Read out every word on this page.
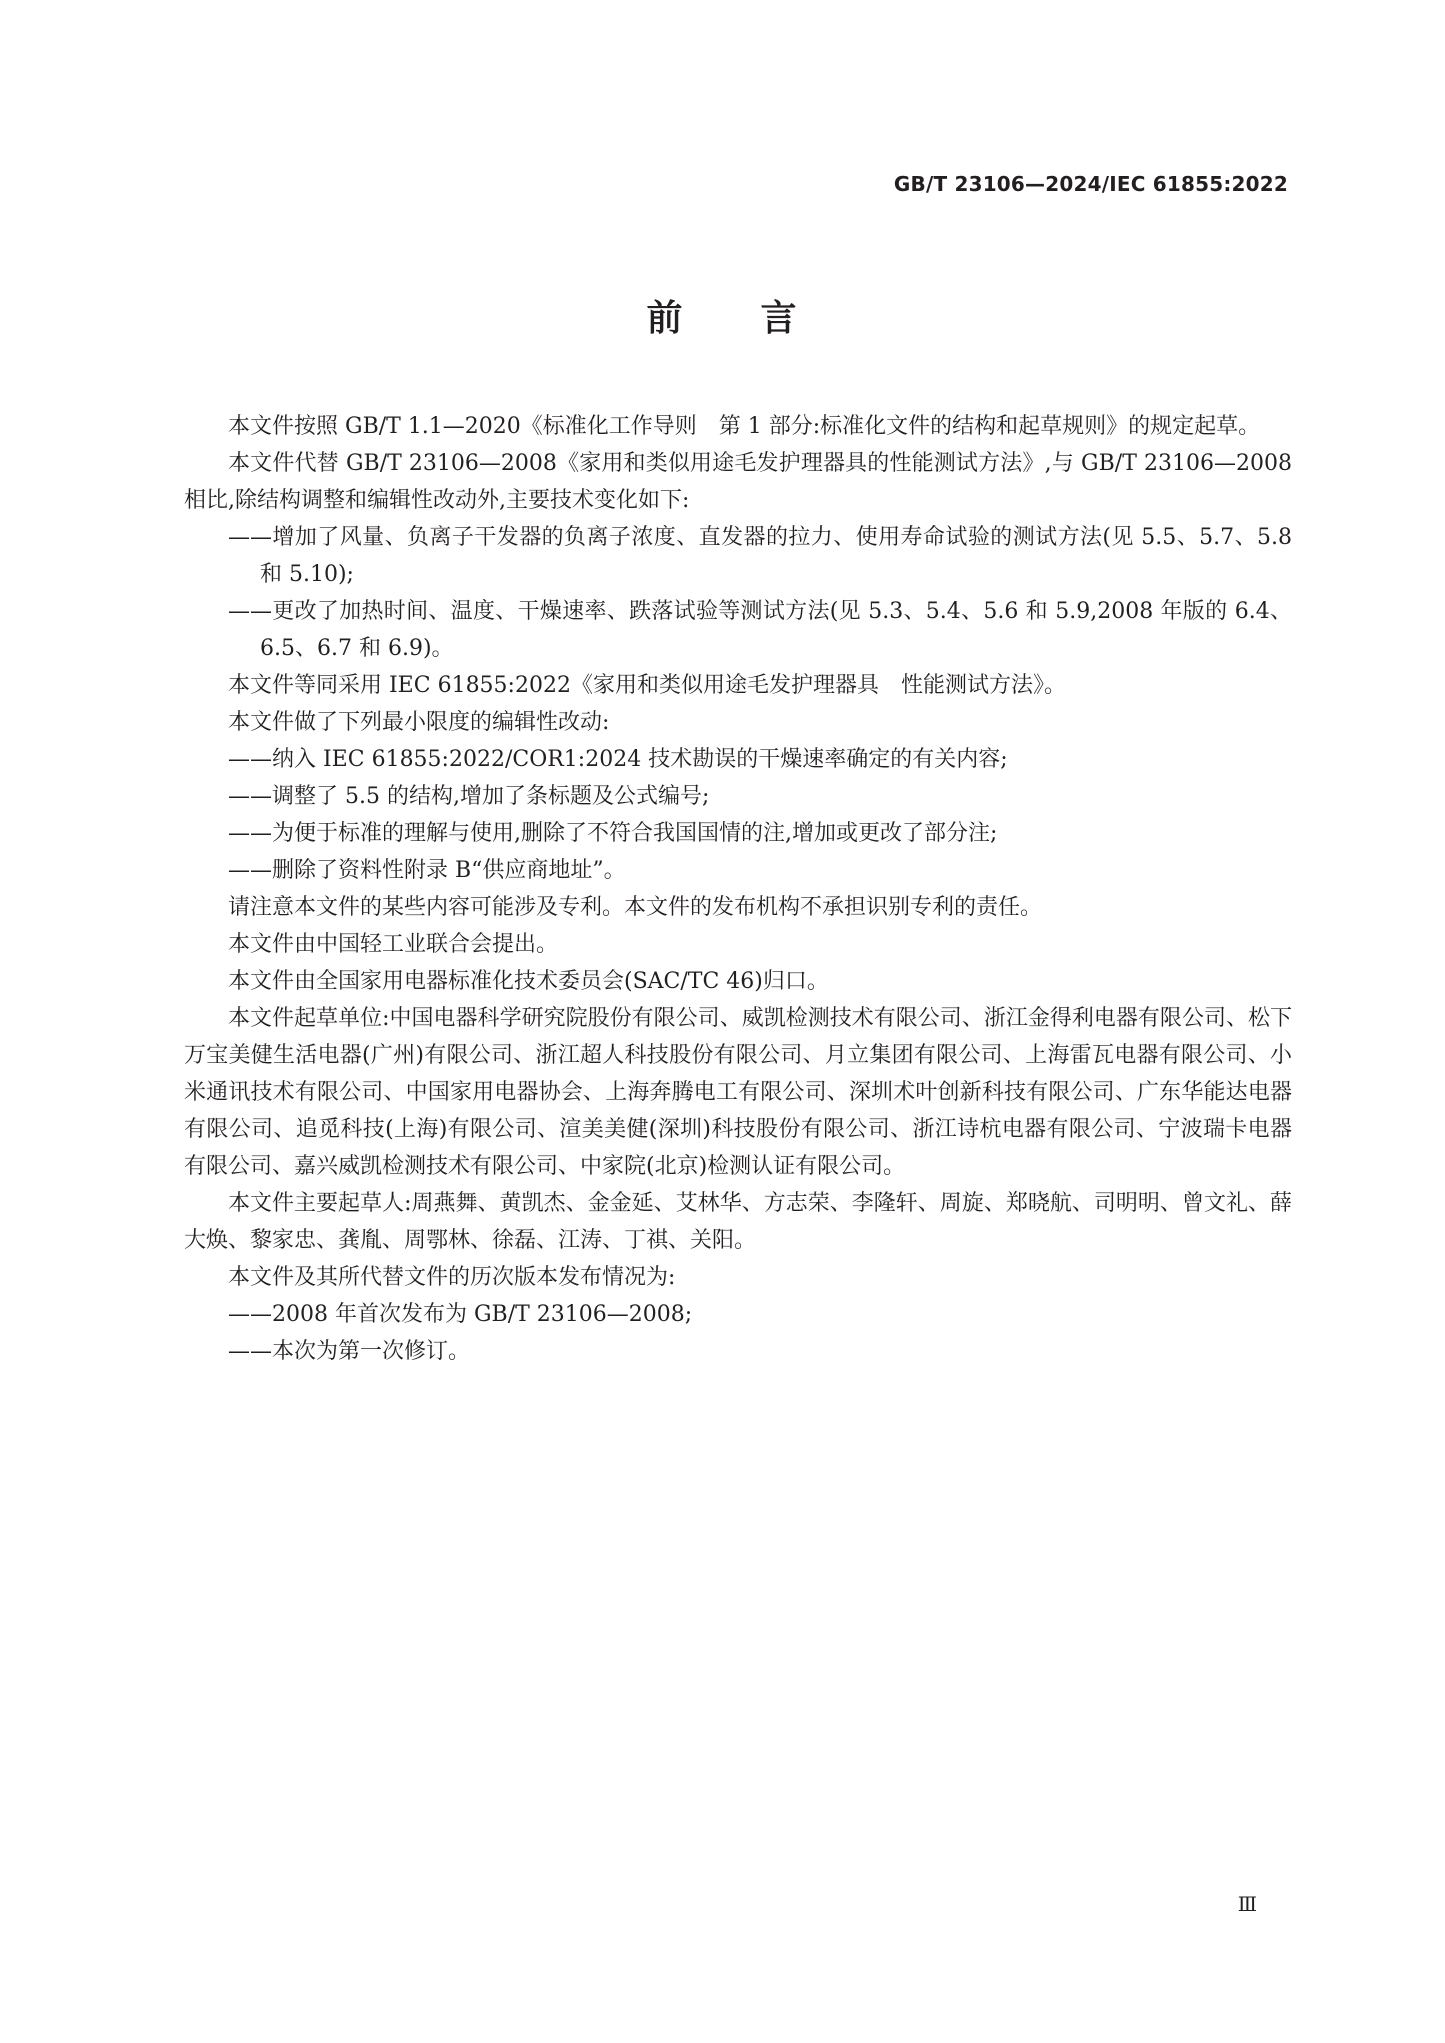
GB/T 23106—2024/IEC 61855:2022
前　　言

本文件按照 GB/T 1.1—2020《标准化工作导则　第 1 部分:标准化文件的结构和起草规则》的规定起草。

本文件代替 GB/T 23106—2008《家用和类似用途毛发护理器具的性能测试方法》,与 GB/T 23106—2008 相比,除结构调整和编辑性改动外,主要技术变化如下:

——增加了风量、负离子干发器的负离子浓度、直发器的拉力、使用寿命试验的测试方法(见 5.5、5.7、5.8 和 5.10);

——更改了加热时间、温度、干燥速率、跌落试验等测试方法(见 5.3、5.4、5.6 和 5.9,2008 年版的 6.4、6.5、6.7 和 6.9)。

本文件等同采用 IEC 61855:2022《家用和类似用途毛发护理器具　性能测试方法》。

本文件做了下列最小限度的编辑性改动:

——纳入 IEC 61855:2022/COR1:2024 技术勘误的干燥速率确定的有关内容;

——调整了 5.5 的结构,增加了条标题及公式编号;

——为便于标准的理解与使用,删除了不符合我国国情的注,增加或更改了部分注;

——删除了资料性附录 B“供应商地址”。

请注意本文件的某些内容可能涉及专利。本文件的发布机构不承担识别专利的责任。

本文件由中国轻工业联合会提出。

本文件由全国家用电器标准化技术委员会(SAC/TC 46)归口。

本文件起草单位:中国电器科学研究院股份有限公司、威凯检测技术有限公司、浙江金得利电器有限公司、松下万宝美健生活电器(广州)有限公司、浙江超人科技股份有限公司、月立集团有限公司、上海雷瓦电器有限公司、小米通讯技术有限公司、中国家用电器协会、上海奔腾电工有限公司、深圳术叶创新科技有限公司、广东华能达电器有限公司、追觅科技(上海)有限公司、渲美美健(深圳)科技股份有限公司、浙江诗杭电器有限公司、宁波瑞卡电器有限公司、嘉兴威凯检测技术有限公司、中家院(北京)检测认证有限公司。

本文件主要起草人:周燕舞、黄凯杰、金金延、艾林华、方志荣、李隆轩、周旋、郑晓航、司明明、曾文礼、薛大焕、黎家忠、龚胤、周鄂林、徐磊、江涛、丁祺、关阳。

本文件及其所代替文件的历次版本发布情况为:

——2008 年首次发布为 GB/T 23106—2008;

——本次为第一次修订。

Ⅲ
